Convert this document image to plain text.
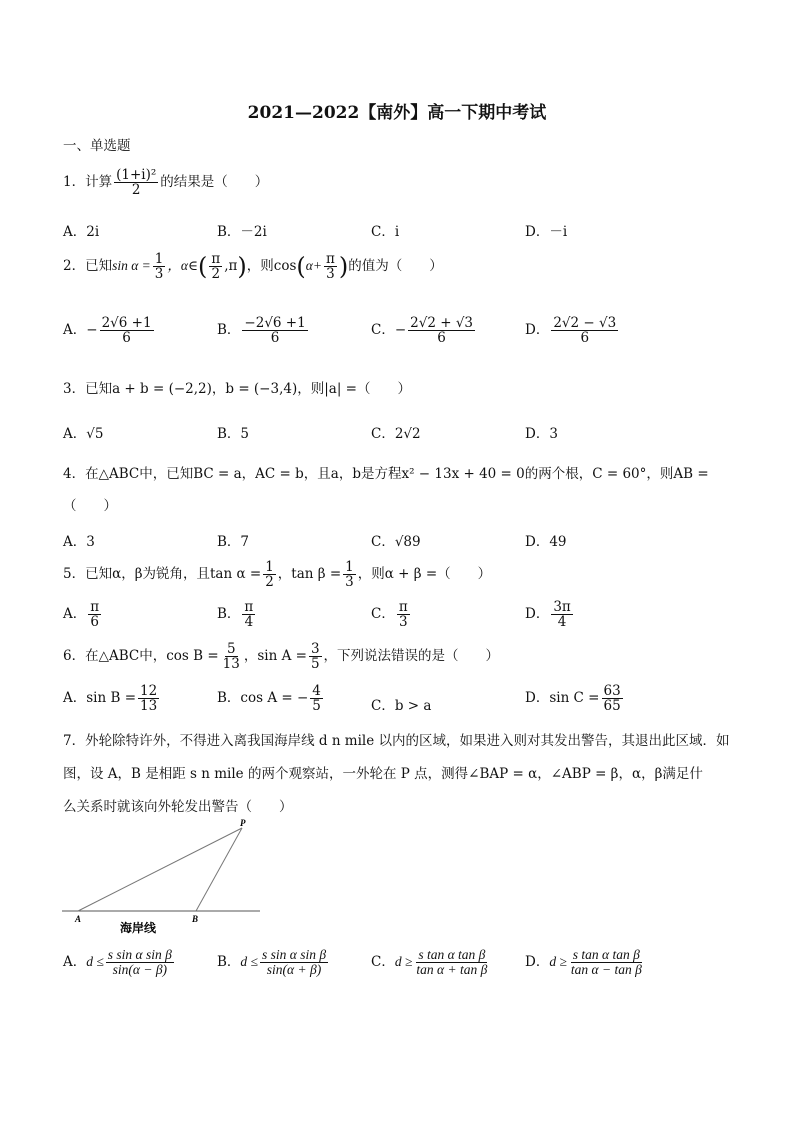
2021—2022【南外】高一下期中考试
一、单选题
1．计算 $\frac{\text{(1+i)²}}{2}$ 的结果是（　　）
A．2i	B．－2i	C．i	D．－i
2．已知$\sin \alpha = \frac{1}{3}$ ，α∈( $\frac{\pi}{2} ,\pi$)，则$\cos(\alpha+ \frac{\pi}{3}$ )的值为（　　）
A．− $\frac{2√6 +1}{6}$	B． $\frac{-2√6 +1}{6}$	C．− $\frac{2√2 + √3}{6}$	D． $\frac{2√2 - √3}{6}$
3．已知a + b = (−2,2)，b = (−3,4)，则|a| =（　　）
A．√5	B．5	C．2√2	D．3
4．在△ABC中，已知BC = a，AC = b，且a，b是方程x² − 13x + 40 = 0的两个根，C = 60°，则AB =
（　　）
A．3	B．7	C．√89	D．49
5．已知α，β为锐角，且$\tan \alpha = \frac{1}{2}$ ，$\tan \beta = \frac{1}{3}$ ，则α + β =（　　）
A． $\frac{\pi}{6}$	B． $\frac{\pi}{4}$	C． $\frac{\pi}{3}$	D． $\frac{3\pi}{4}$
6．在△ABC中，$\cos B = \frac{5}{13}$ ，$\sin A = \frac{3}{5}$ ，下列说法错误的是（　　）
A．$\sin B = \frac{12}{13}$	B．cos A = − $\frac{4}{5}$	C．b > a	D．$\sin C = \frac{63}{65}$
7．外轮除特许外，不得进入离我国海岸线 d n mile 以内的区域，如果进入则对其发出警告，其退出此区域．如
图，设 A，B 是相距 s n mile 的两个观察站，一外轮在 P 点，测得∠BAP = α，∠ABP = β，α，β满足什
么关系时就该向外轮发出警告（　　）
P
A	B
海岸线
A．$d \le \frac{\text{s sin α sin β}}{\sin(\alpha - \beta)}$	B．$d \le \frac{\text{s sin α sin β}}{\sin(\alpha + \beta)}$	C．$d \ge \frac{\text{s tan α tan β}}{\text{tan α + tan β}}$	D．$d \ge \frac{\text{s tan α tan β}}{\text{tan α − tan β}}$
